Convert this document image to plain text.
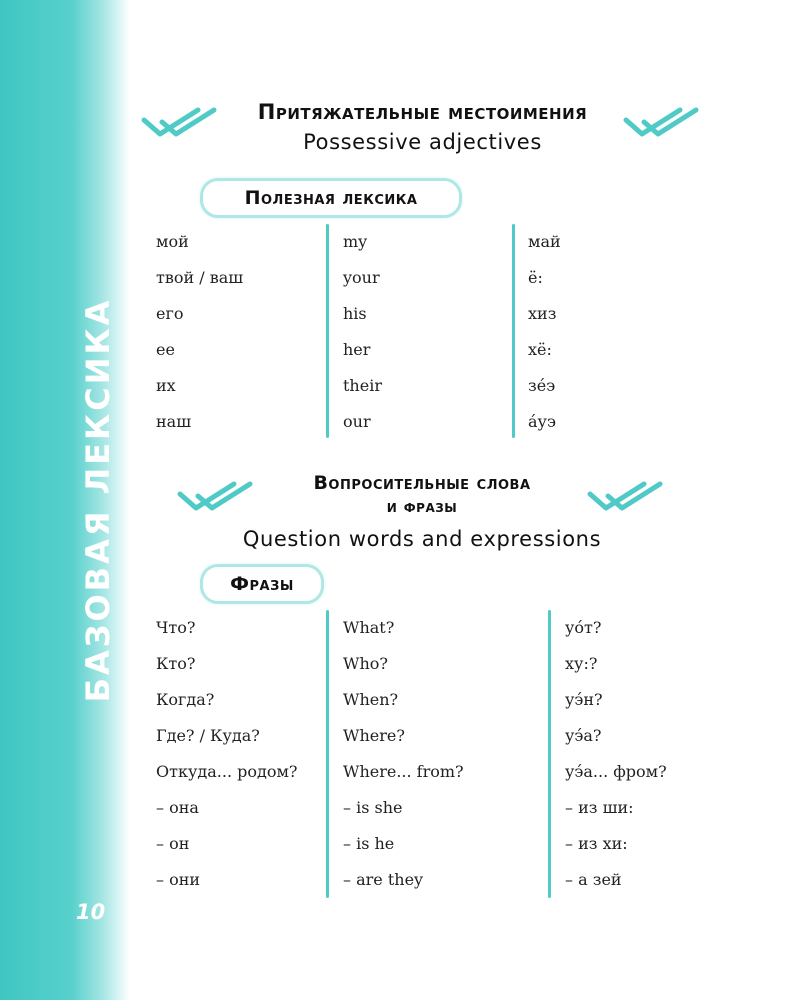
БАЗОВАЯ ЛЕКСИКА
10
Притяжательные местоимения
Possessive adjectives
Полезная лексика
мой
твой / ваш
его
ее
их
наш
my
your
his
her
their
our
май
ё:
хиз
хё:
зе́э
а́уэ
Вопросительные слова
и фразы
Question words and expressions
Фразы
Что?
Кто?
Когда?
Где? / Куда?
Откуда... родом?
– она
– он
– они
What?
Who?
When?
Where?
Where... from?
– is she
– is he
– are they
уо́т?
ху:?
уэ́н?
уэ́а?
уэ́а... фром?
– из ши:
– из хи:
– а зей
